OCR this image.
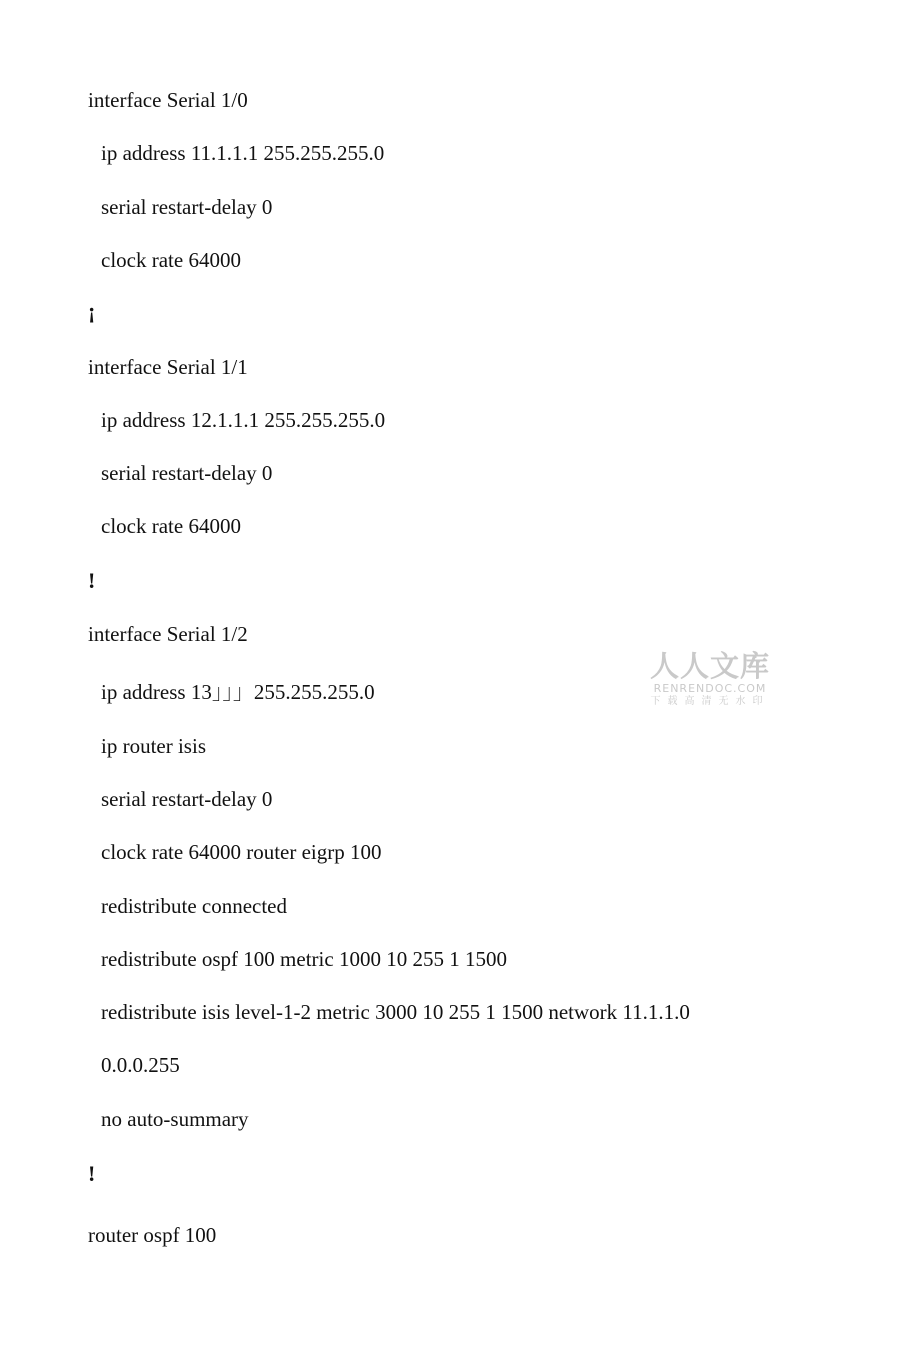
interface Serial 1/0
ip address 11.1.1.1 255.255.255.0
serial restart-delay 0
clock rate 64000
¡
interface Serial 1/1
ip address 12.1.1.1 255.255.255.0
serial restart-delay 0
clock rate 64000
!
interface Serial 1/2
ip address 13」」」255.255.255.0
ip router isis
serial restart-delay 0
clock rate 64000 router eigrp 100
redistribute connected
redistribute ospf 100 metric 1000 10 255 1 1500
redistribute isis level-1-2 metric 3000 10 255 1 1500 network 11.1.1.0
0.0.0.255
no auto-summary
!
router ospf 100
人人文库
RENRENDOC.COM
下载高清无水印
